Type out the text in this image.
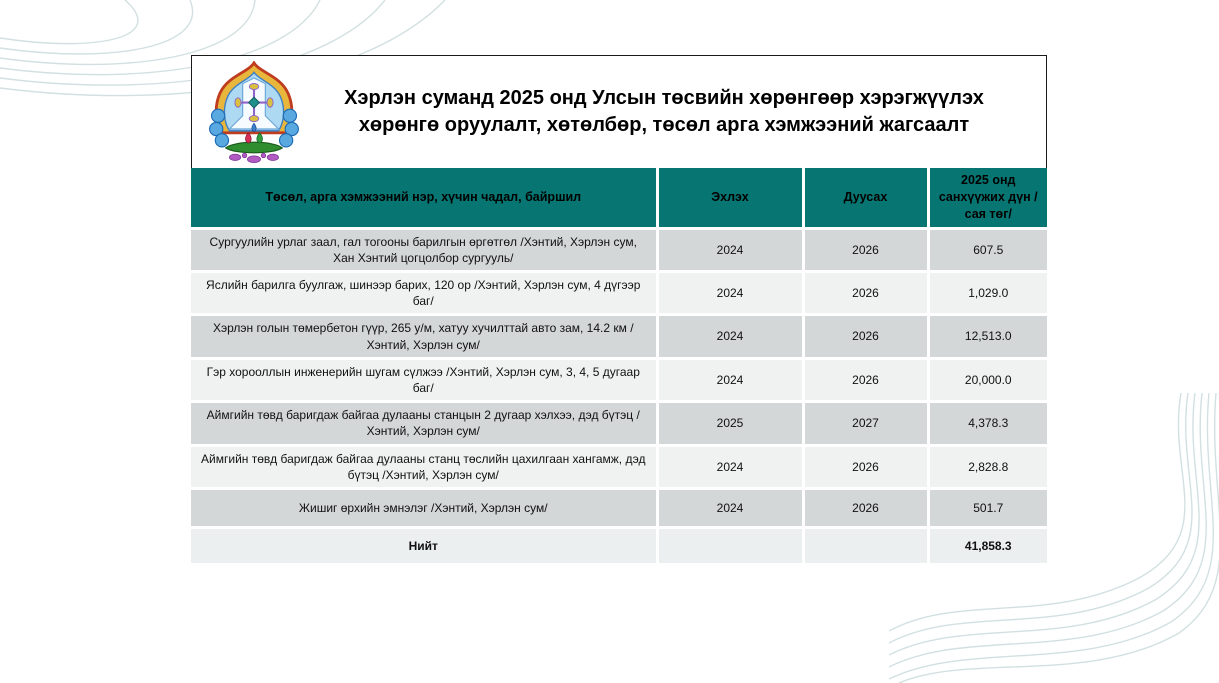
Хэрлэн суманд 2025 онд Улсын төсвийн хөрөнгөөр хэрэгжүүлэх хөрөнгө оруулалт, хөтөлбөр, төсөл арга хэмжээний жагсаалт
Төсөл, арга хэмжээний нэр, хүчин чадал, байршил	Эхлэх	Дуусах	2025 онд санхүүжих дүн /сая төг/
Сургуулийн урлаг заал, гал тогооны барилгын өргөтгөл /Хэнтий, Хэрлэн сум, Хан Хэнтий цогцолбор сургууль/	2024	2026	607.5
Яслийн барилга буулгаж, шинээр барих, 120 ор /Хэнтий, Хэрлэн сум, 4 дүгээр баг/	2024	2026	1,029.0
Хэрлэн голын төмербетон гүүр, 265 у/м, хатуу хучилттай авто зам, 14.2 км /Хэнтий, Хэрлэн сум/	2024	2026	12,513.0
Гэр хорооллын инженерийн шугам сүлжээ /Хэнтий, Хэрлэн сум, 3, 4, 5 дугаар баг/	2024	2026	20,000.0
Аймгийн төвд баригдаж байгаа дулааны станцын 2 дугаар хэлхээ, дэд бүтэц /Хэнтий, Хэрлэн сум/	2025	2027	4,378.3
Аймгийн төвд баригдаж байгаа дулааны станц төслийн цахилгаан хангамж, дэд бүтэц /Хэнтий, Хэрлэн сум/	2024	2026	2,828.8
Жишиг өрхийн эмнэлэг /Хэнтий, Хэрлэн сум/	2024	2026	501.7
Нийт			41,858.3
